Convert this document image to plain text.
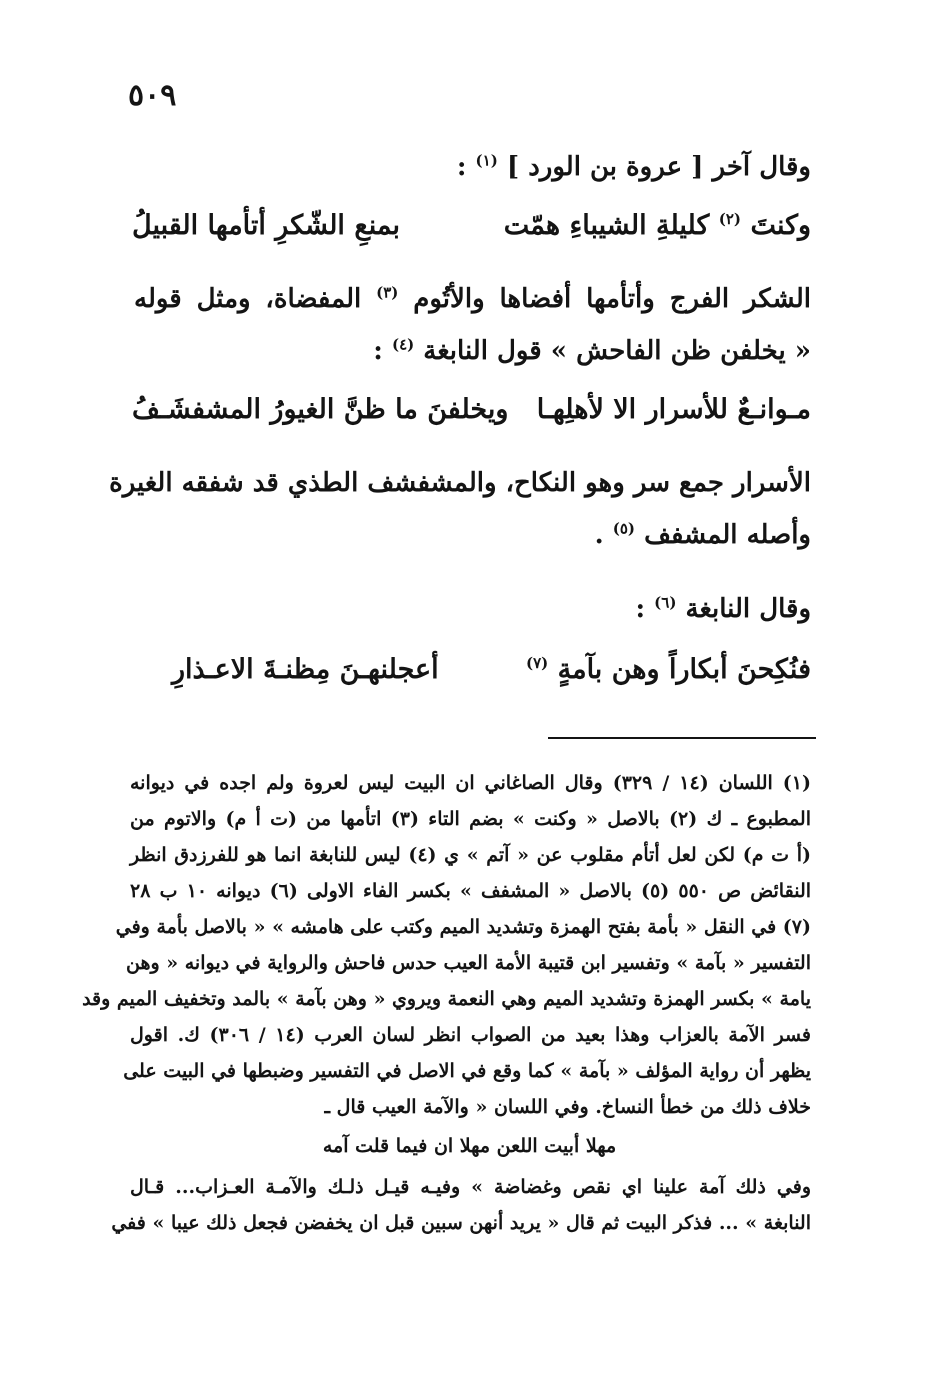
٥٠٩
وقال آخر [ عروة بن الورد ] $^{(١)}$ :
وكنتَ $^{(٢)}$ كليلةِ الشيباءِ همّت
بمنعِ الشّكرِ أتأمها القبيلُ
الشكر الفرج وأتأمها أفضاها والأتُوم $^{(٣)}$ المفضاة، ومثل قوله
« يخلفن ظن الفاحش » قول النابغة $^{(٤)}$ :
مـوانـعٌ للأسرار الا لأهلِهـا
ويخلفنَ ما ظنَّ الغيورُ المشفشَـفُ
الأسرار جمع سر وهو النكاح، والمشفشف الطذي قد شفقه الغيرة
وأصله المشفف $^{(٥)}$ .
وقال النابغة $^{(٦)}$ :
فنُكِحنَ أبكاراً وهن بآمةٍ $^{(٧)}$
أعجلنهـنَ مِظنـةَ الاعـذارِ
(١) اللسان (١٤ / ٣٢٩) وقال الصاغاني ان البيت ليس لعروة ولم اجده في ديوانه
المطبوع ـ ك (٢) بالاصل « وكنت » بضم التاء (٣) اتأمها من (ت أ م) والاتوم من
(أ ت م) لكن لعل أتأم مقلوب عن « آتم » ي (٤) ليس للنابغة انما هو للفرزدق انظر
النقائض ص ٥٥٠ (٥) بالاصل « المشفف » بكسر الفاء الاولى (٦) ديوانه ١٠ ب ٢٨
(٧) في النقل « بأمة بفتح الهمزة وتشديد الميم وكتب على هامشه » « بالاصل بأمة وفي
التفسير « بآمة » وتفسير ابن قتيبة الأمة العيب حدس فاحش والرواية في ديوانه « وهن
يامة » بكسر الهمزة وتشديد الميم وهي النعمة ويروي « وهن بآمة » بالمد وتخفيف الميم وقد
فسر الآمة بالعزاب وهذا بعيد من الصواب انظر لسان العرب (١٤ / ٣٠٦) ك. اقول
يظهر أن رواية المؤلف « بآمة » كما وقع في الاصل في التفسير وضبطها في البيت على
خلاف ذلك من خطأ النساخ. وفي اللسان « والآمة العيب قال ـ
مهلا أبيت اللعن مهلا ان فيما قلت آمه
وفي ذلك آمة علينا اي نقص وغضاضة » وفيـه قيـل ذلـك والآمـة العـزاب... قـال
النابغة » ... فذكر البيت ثم قال « يريد أنهن سبين قبل ان يخفضن فجعل ذلك عيبا » ففي
